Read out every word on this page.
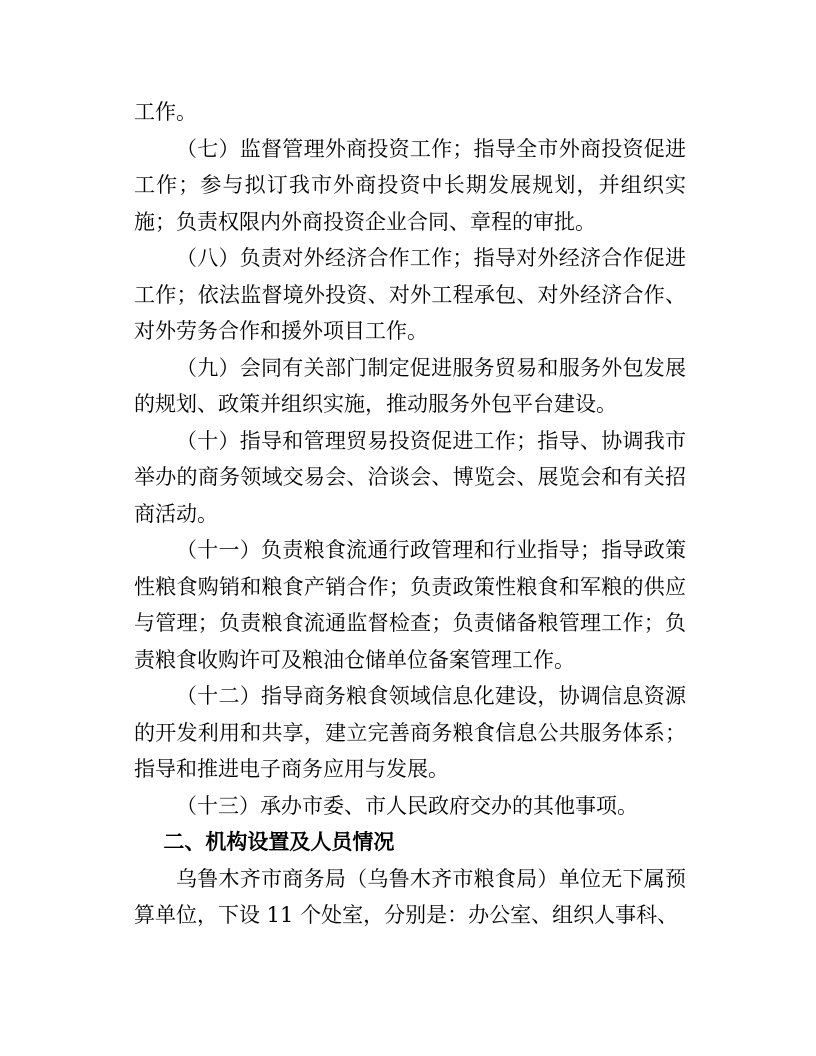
工作。

（七）监督管理外商投资工作；指导全市外商投资促进工作；参与拟订我市外商投资中长期发展规划，并组织实施；负责权限内外商投资企业合同、章程的审批。

（八）负责对外经济合作工作；指导对外经济合作促进工作；依法监督境外投资、对外工程承包、对外经济合作、对外劳务合作和援外项目工作。

（九）会同有关部门制定促进服务贸易和服务外包发展的规划、政策并组织实施，推动服务外包平台建设。

（十）指导和管理贸易投资促进工作；指导、协调我市举办的商务领域交易会、洽谈会、博览会、展览会和有关招商活动。

（十一）负责粮食流通行政管理和行业指导；指导政策性粮食购销和粮食产销合作；负责政策性粮食和军粮的供应与管理；负责粮食流通监督检查；负责储备粮管理工作；负责粮食收购许可及粮油仓储单位备案管理工作。

（十二）指导商务粮食领域信息化建设，协调信息资源的开发利用和共享，建立完善商务粮食信息公共服务体系；指导和推进电子商务应用与发展。

（十三）承办市委、市人民政府交办的其他事项。

二、机构设置及人员情况

乌鲁木齐市商务局（乌鲁木齐市粮食局）单位无下属预算单位，下设 11 个处室，分别是：办公室、组织人事科、
